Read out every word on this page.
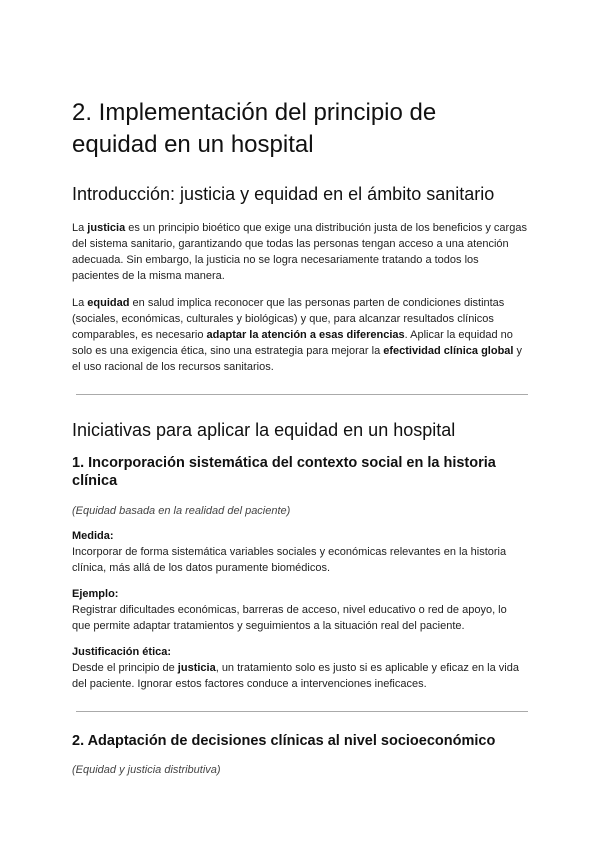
2. Implementación del principio de equidad en un hospital
Introducción: justicia y equidad en el ámbito sanitario

La justicia es un principio bioético que exige una distribución justa de los beneficios y cargas del sistema sanitario, garantizando que todas las personas tengan acceso a una atención adecuada. Sin embargo, la justicia no se logra necesariamente tratando a todos los pacientes de la misma manera.

La equidad en salud implica reconocer que las personas parten de condiciones distintas (sociales, económicas, culturales y biológicas) y que, para alcanzar resultados clínicos comparables, es necesario adaptar la atención a esas diferencias. Aplicar la equidad no solo es una exigencia ética, sino una estrategia para mejorar la efectividad clínica global y el uso racional de los recursos sanitarios.

Iniciativas para aplicar la equidad en un hospital
1. Incorporación sistemática del contexto social en la historia clínica

(Equidad basada en la realidad del paciente)

Medida:

Incorporar de forma sistemática variables sociales y económicas relevantes en la historia clínica, más allá de los datos puramente biomédicos.

Ejemplo:

Registrar dificultades económicas, barreras de acceso, nivel educativo o red de apoyo, lo que permite adaptar tratamientos y seguimientos a la situación real del paciente.

Justificación ética:

Desde el principio de justicia, un tratamiento solo es justo si es aplicable y eficaz en la vida del paciente. Ignorar estos factores conduce a intervenciones ineficaces.

2. Adaptación de decisiones clínicas al nivel socioeconómico

(Equidad y justicia distributiva)
